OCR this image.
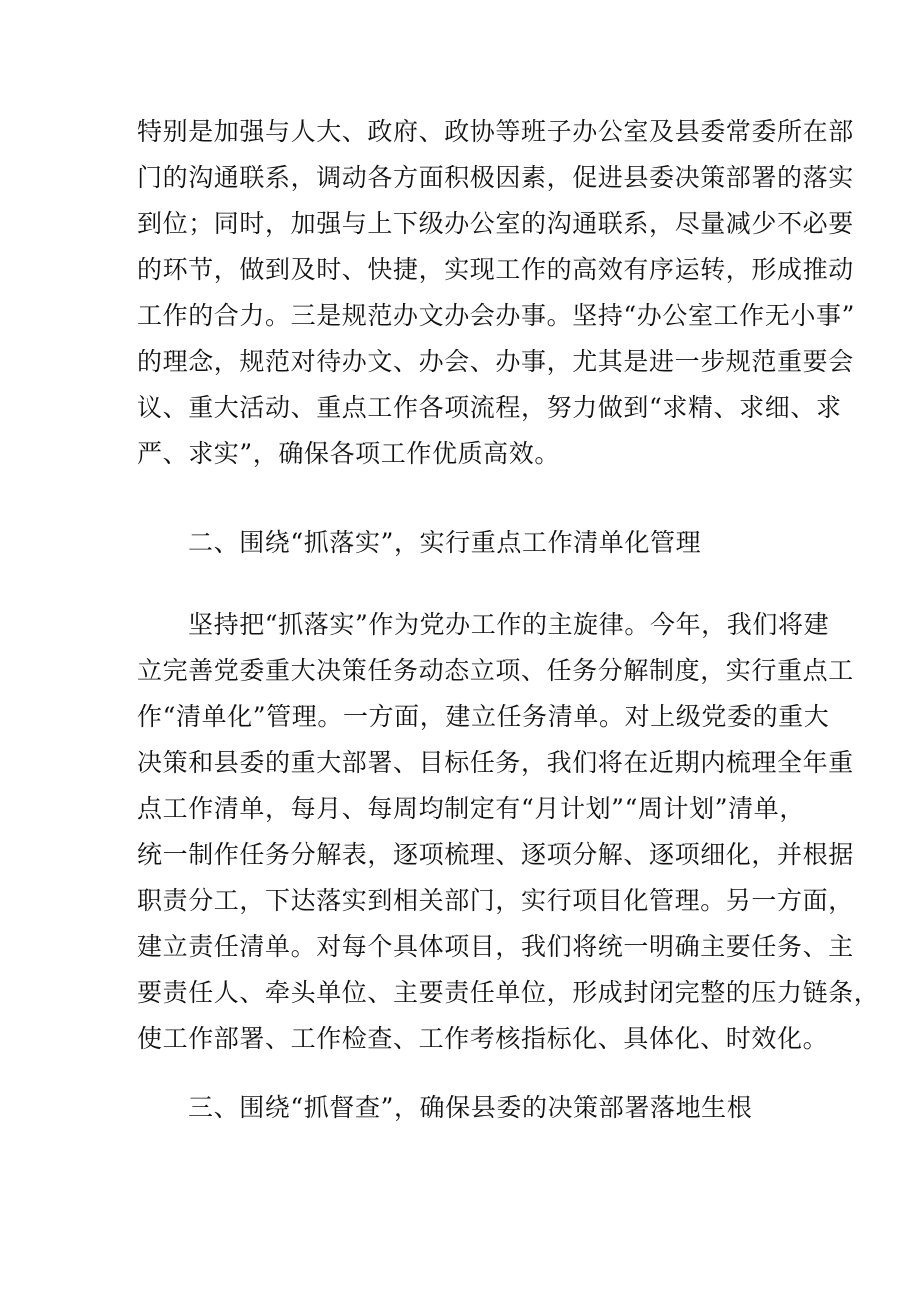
特别是加强与人大、政府、政协等班子办公室及县委常委所在部
门的沟通联系，调动各方面积极因素，促进县委决策部署的落实
到位；同时，加强与上下级办公室的沟通联系，尽量减少不必要
的环节，做到及时、快捷，实现工作的高效有序运转，形成推动
工作的合力。三是规范办文办会办事。坚持“办公室工作无小事”
的理念，规范对待办文、办会、办事，尤其是进一步规范重要会
议、重大活动、重点工作各项流程，努力做到“求精、求细、求
严、求实”，确保各项工作优质高效。
二、围绕“抓落实”，实行重点工作清单化管理
坚持把“抓落实”作为党办工作的主旋律。今年，我们将建
立完善党委重大决策任务动态立项、任务分解制度，实行重点工
作“清单化”管理。一方面，建立任务清单。对上级党委的重大
决策和县委的重大部署、目标任务，我们将在近期内梳理全年重
点工作清单，每月、每周均制定有“月计划”“周计划”清单，
统一制作任务分解表，逐项梳理、逐项分解、逐项细化，并根据
职责分工，下达落实到相关部门，实行项目化管理。另一方面，
建立责任清单。对每个具体项目，我们将统一明确主要任务、主
要责任人、牵头单位、主要责任单位，形成封闭完整的压力链条，
使工作部署、工作检查、工作考核指标化、具体化、时效化。
三、围绕“抓督查”，确保县委的决策部署落地生根
